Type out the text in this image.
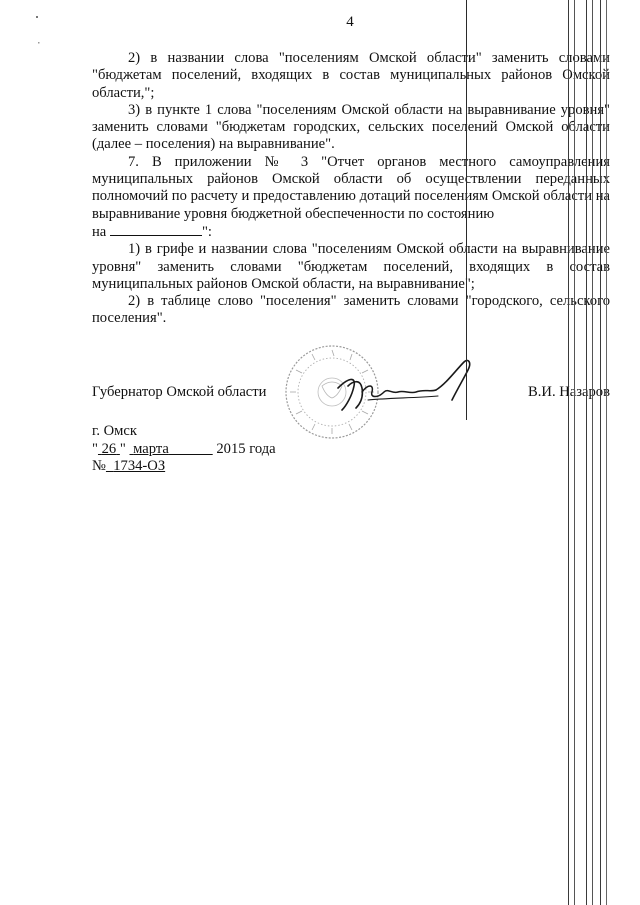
4

2) в названии слова "поселениям Омской области" заменить словами "бюджетам поселений, входящих в состав муниципальных районов Омской области,";

3) в пункте 1 слова "поселениям Омской области на выравнивание уровня" заменить словами "бюджетам городских, сельских поселений Омской области (далее – поселения) на выравнивание".

7. В приложении № 3 "Отчет органов местного самоуправления муниципальных районов Омской области об осуществлении переданных полномочий по расчету и предоставлению дотаций поселениям Омской области на выравнивание уровня бюджетной обеспеченности по состоянию

на	":

1) в грифе и названии слова "поселениям Омской области на выравнивание уровня" заменить словами "бюджетам поселений, входящих в состав муниципальных районов Омской области, на выравнивание";

2) в таблице слово "поселения" заменить словами "городского, сельского поселения".

Губернатор Омской области	В.И. Назаров
г. Омск
" 26 " марта	2015 года
№ 1734-ОЗ
